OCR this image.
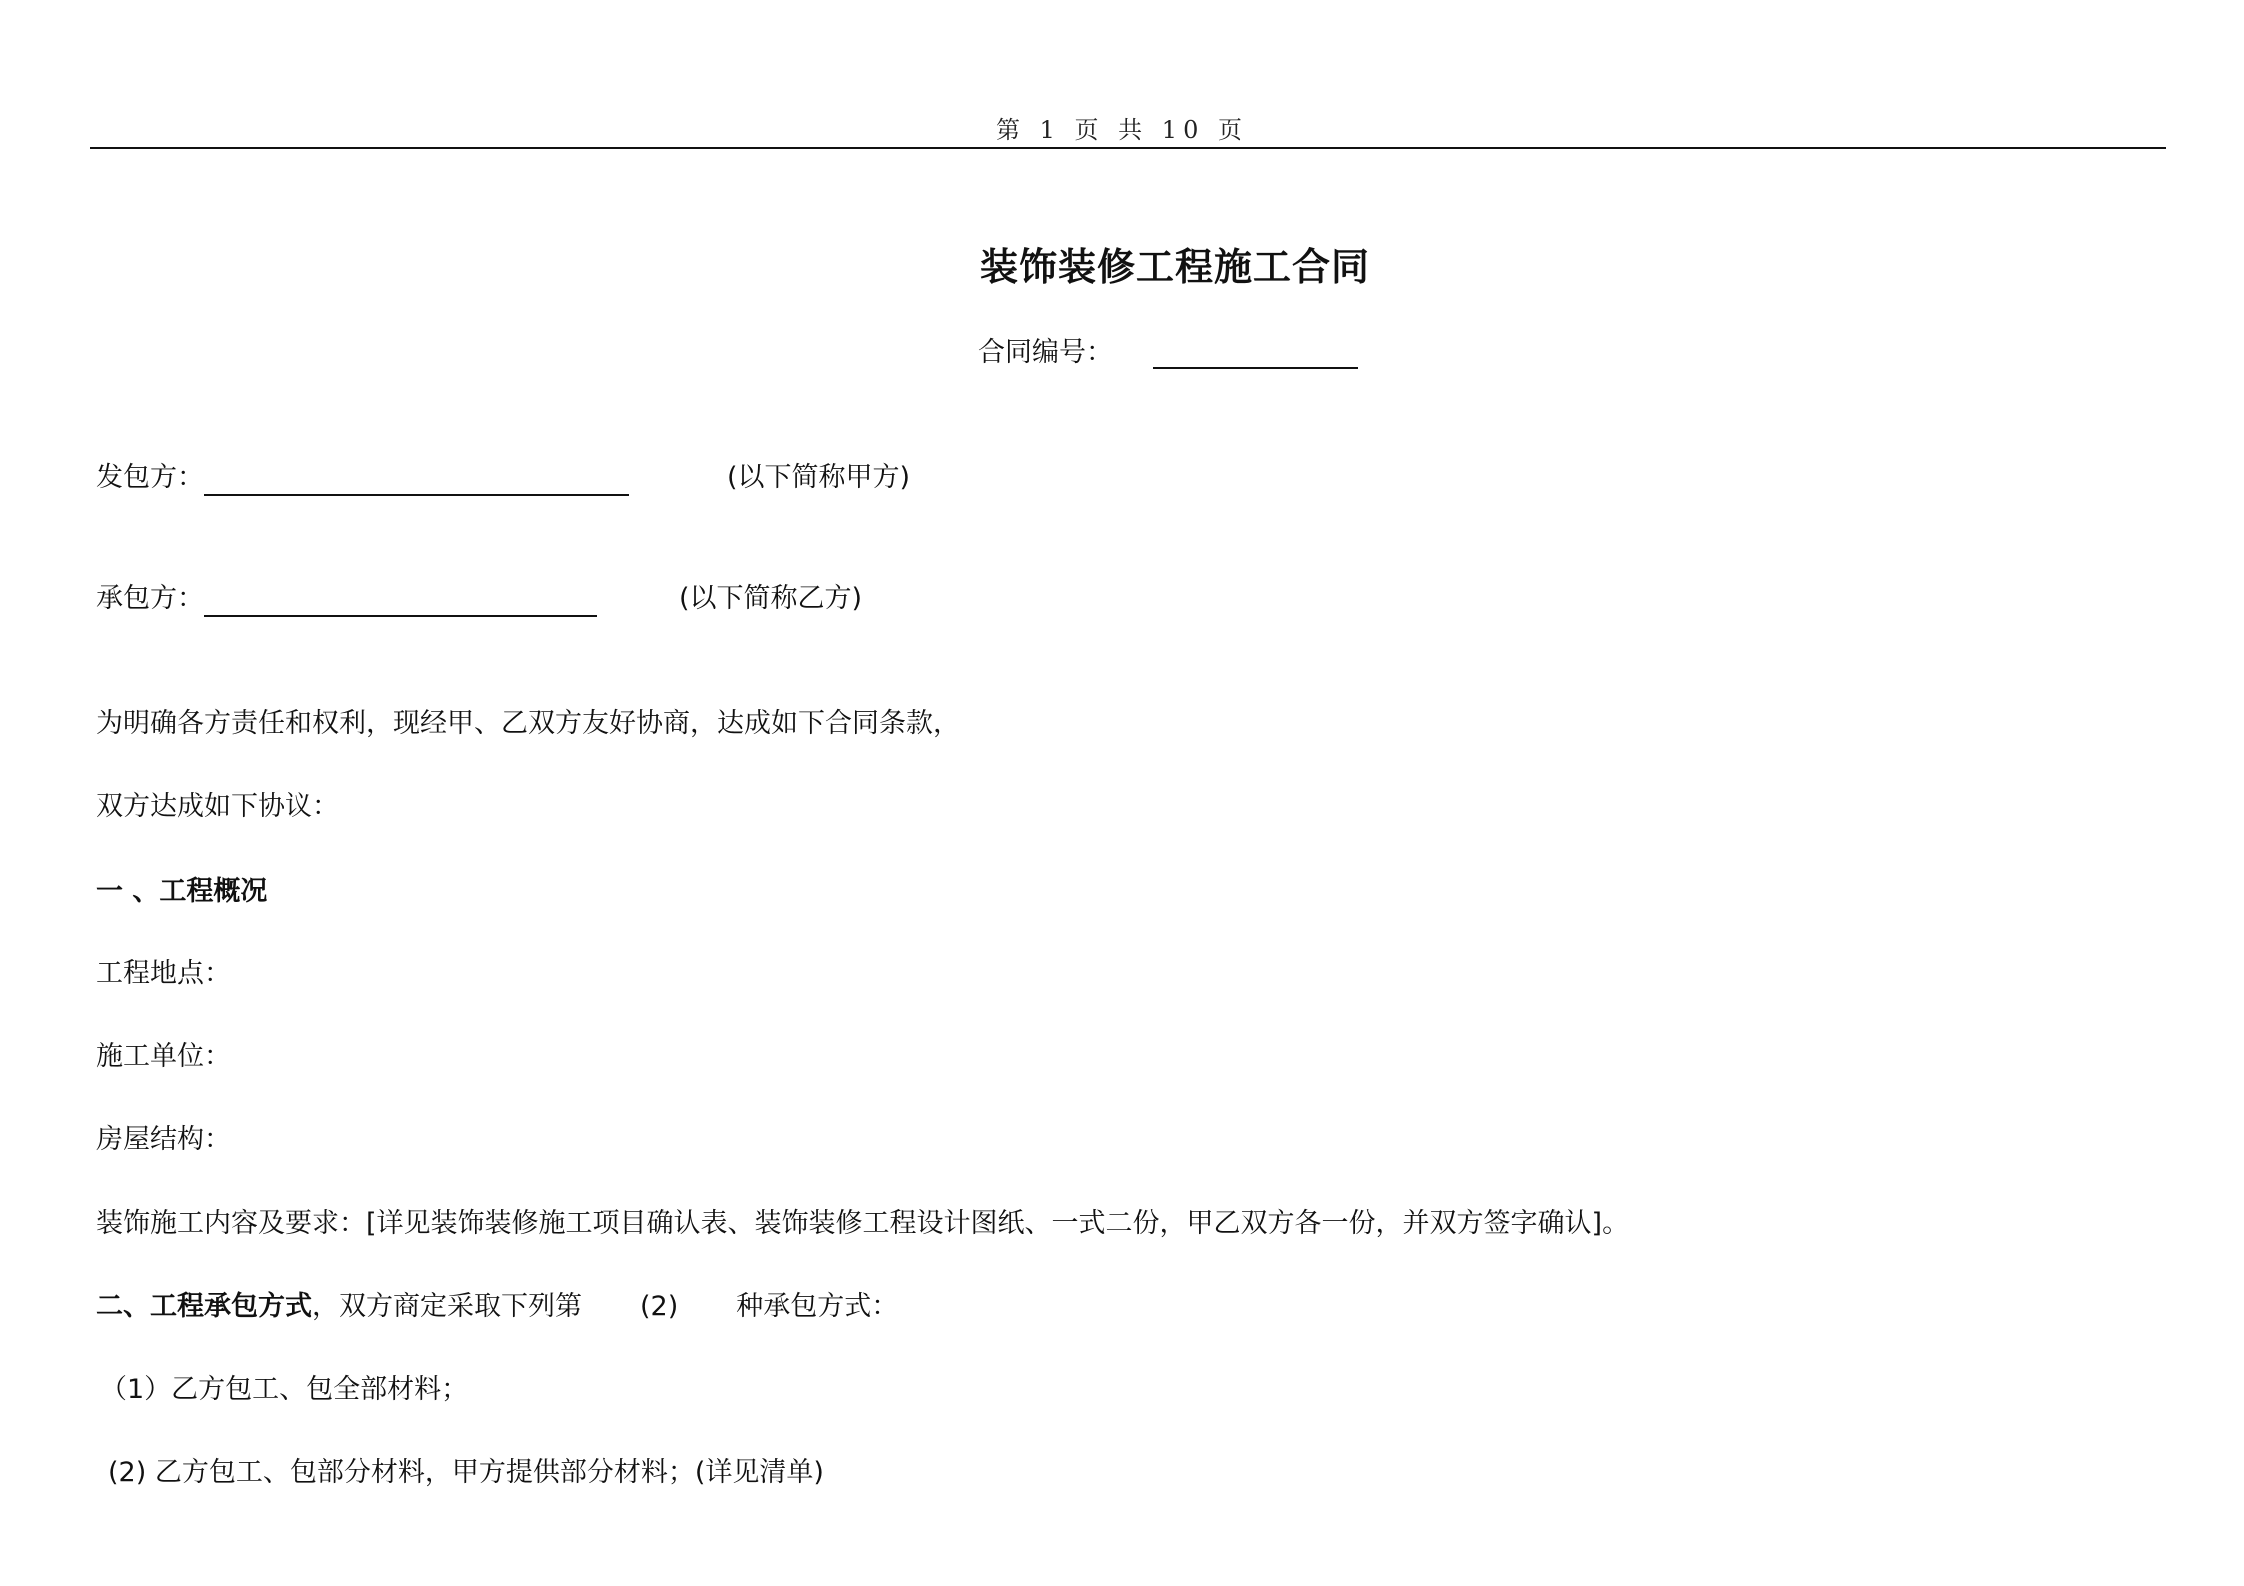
第 1 页 共 10 页
装饰装修工程施工合同
合同编号：
发包方：	(以下简称甲方)
承包方：	(以下简称乙方)
为明确各方责任和权利，现经甲、乙双方友好协商，达成如下合同条款，
双方达成如下协议：
一 、工程概况
工程地点：
施工单位：
房屋结构：
装饰施工内容及要求：[详见装饰装修施工项目确认表、装饰装修工程设计图纸、一式二份，甲乙双方各一份，并双方签字确认]。
二、工程承包方式，双方商定采取下列第 (2) 种承包方式：
（1）乙方包工、包全部材料；
(2) 乙方包工、包部分材料，甲方提供部分材料；(详见清单)
